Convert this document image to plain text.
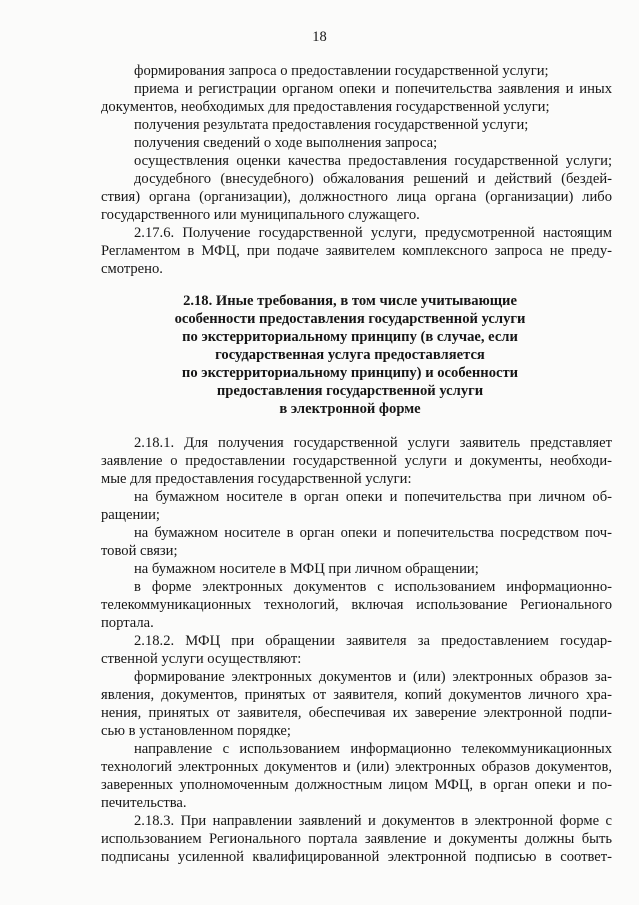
18
формирования запроса о предоставлении государственной услуги;
приема и регистрации органом опеки и попечительства заявления и иных
документов, необходимых для предоставления государственной услуги;
получения результата предоставления государственной услуги;
получения сведений о ходе выполнения запроса;
осуществления оценки качества предоставления государственной услуги;
досудебного (внесудебного) обжалования решений и действий (бездей-
ствия) органа (организации), должностного лица органа (организации) либо
государственного или муниципального служащего.
2.17.6. Получение государственной услуги, предусмотренной настоящим
Регламентом в МФЦ, при подаче заявителем комплексного запроса не преду-
смотрено.
2.18. Иные требования, в том числе учитывающие
особенности предоставления государственной услуги
по экстерриториальному принципу (в случае, если
государственная услуга предоставляется
по экстерриториальному принципу) и особенности
предоставления государственной услуги
в электронной форме
2.18.1. Для получения государственной услуги заявитель представляет
заявление о предоставлении государственной услуги и документы, необходи-
мые для предоставления государственной услуги:
на бумажном носителе в орган опеки и попечительства при личном об-
ращении;
на бумажном носителе в орган опеки и попечительства посредством поч-
товой связи;
на бумажном носителе в МФЦ при личном обращении;
в форме электронных документов с использованием информационно-
телекоммуникационных технологий, включая использование Регионального
портала.
2.18.2. МФЦ при обращении заявителя за предоставлением государ-
ственной услуги осуществляют:
формирование электронных документов и (или) электронных образов за-
явления, документов, принятых от заявителя, копий документов личного хра-
нения, принятых от заявителя, обеспечивая их заверение электронной подпи-
сью в установленном порядке;
направление с использованием информационно телекоммуникационных
технологий электронных документов и (или) электронных образов документов,
заверенных уполномоченным должностным лицом МФЦ, в орган опеки и по-
печительства.
2.18.3. При направлении заявлений и документов в электронной форме с
использованием Регионального портала заявление и документы должны быть
подписаны усиленной квалифицированной электронной подписью в соответ-
